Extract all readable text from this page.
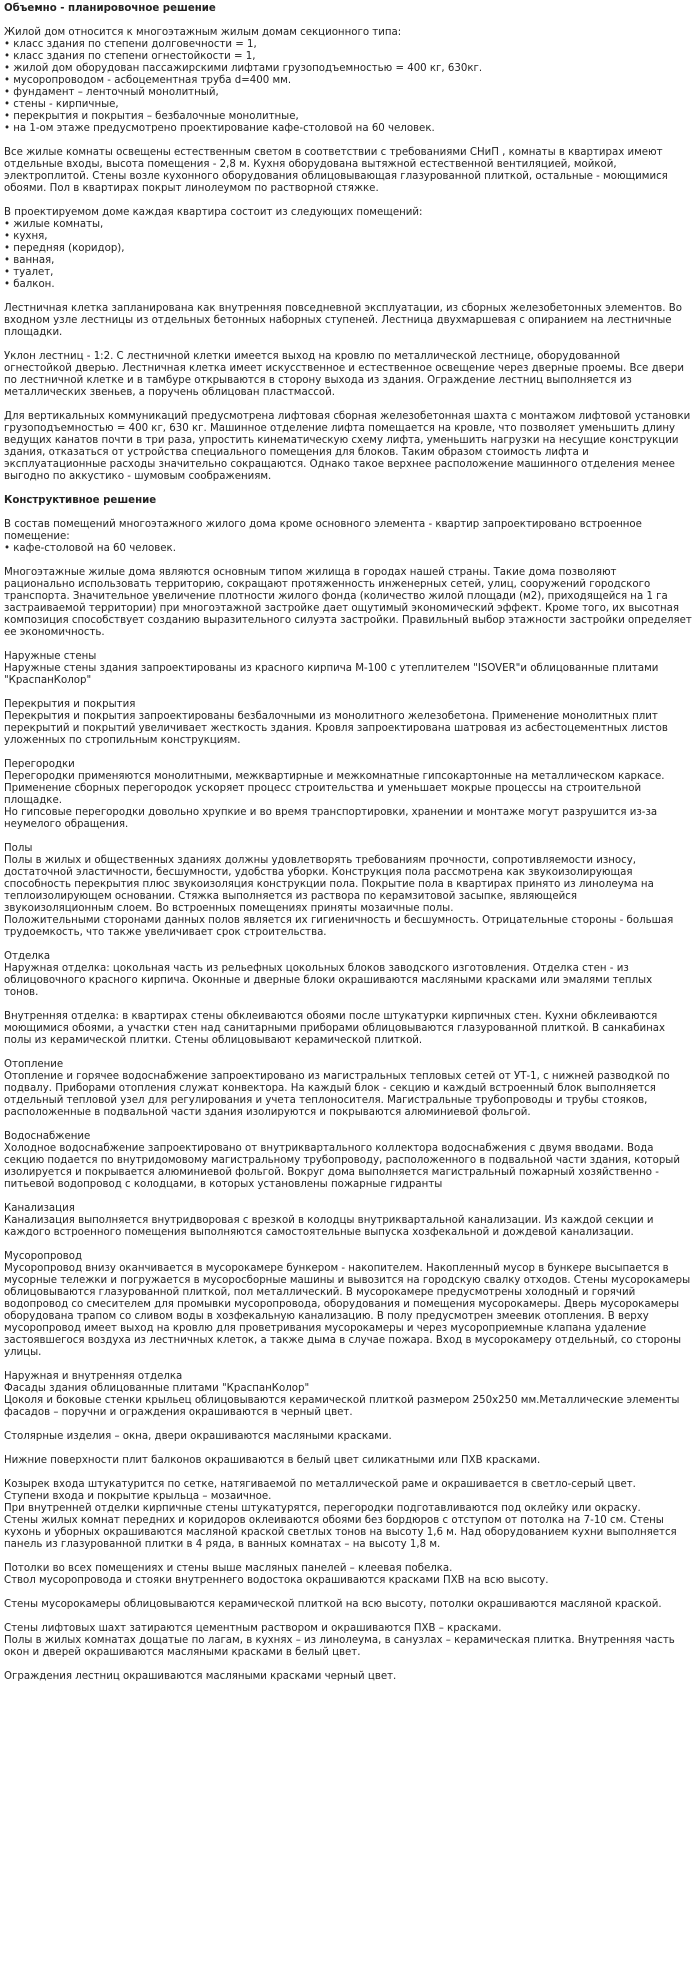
Объемно - планировочное решение
Жилой дом относится к многоэтажным жилым домам секционного типа:
• класс здания по степени долговечности = 1,
• класс здания по степени огнестойкости = 1,
• жилой дом оборудован пассажирскими лифтами грузоподъемностью = 400 кг, 630кг.
• мусоропроводом - асбоцементная труба d=400 мм.
• фундамент – ленточный монолитный,
• стены - кирпичные,
• перекрытия и покрытия – безбалочные монолитные,
• на 1-ом этаже предусмотрено проектирование кафе-столовой на 60 человек.
Все жилые комнаты освещены естественным светом в соответствии с требованиями СНиП , комнаты в квартирах имеют
отдельные входы, высота помещения - 2,8 м. Кухня оборудована вытяжной естественной вентиляцией, мойкой,
электроплитой. Стены возле кухонного оборудования облицовывающая глазурованной плиткой, остальные - моющимися
обоями. Пол в квартирах покрыт линолеумом по растворной стяжке.
В проектируемом доме каждая квартира состоит из следующих помещений:
• жилые комнаты,
• кухня,
• передняя (коридор),
• ванная,
• туалет,
• балкон.
Лестничная клетка запланирована как внутренняя повседневной эксплуатации, из сборных железобетонных элементов. Во
входном узле лестницы из отдельных бетонных наборных ступеней. Лестница двухмаршевая с опиранием на лестничные
площадки.
Уклон лестниц - 1:2. С лестничной клетки имеется выход на кровлю по металлической лестнице, оборудованной
огнестойкой дверью. Лестничная клетка имеет искусственное и естественное освещение через дверные проемы. Все двери
по лестничной клетке и в тамбуре открываются в сторону выхода из здания. Ограждение лестниц выполняется из
металлических звеньев, а поручень облицован пластмассой.
Для вертикальных коммуникаций предусмотрена лифтовая сборная железобетонная шахта с монтажом лифтовой установки
грузоподъемностью = 400 кг, 630 кг. Машинное отделение лифта помещается на кровле, что позволяет уменьшить длину
ведущих канатов почти в три раза, упростить кинематическую схему лифта, уменьшить нагрузки на несущие конструкции
здания, отказаться от устройства специального помещения для блоков. Таким образом стоимость лифта и
эксплуатационные расходы значительно сокращаются. Однако такое верхнее расположение машинного отделения менее
выгодно по аккустико - шумовым соображениям.
Конструктивное решение
В состав помещений многоэтажного жилого дома кроме основного элемента - квартир запроектировано встроенное
помещение:
• кафе-столовой на 60 человек.
Многоэтажные жилые дома являются основным типом жилища в городах нашей страны. Такие дома позволяют
рационально использовать территорию, сокращают протяженность инженерных сетей, улиц, сооружений городского
транспорта. Значительное увеличение плотности жилого фонда (количество жилой площади (м2), приходящейся на 1 га
застраиваемой территории) при многоэтажной застройке дает ощутимый экономический эффект. Кроме того, их высотная
композиция способствует созданию выразительного силуэта застройки. Правильный выбор этажности застройки определяет
ее экономичность.
Наружные стены
Наружные стены здания запроектированы из красного кирпича М-100 с утеплителем "ISOVER"и облицованные плитами
"КраспанКолор"
Перекрытия и покрытия
Перекрытия и покрытия запроектированы безбалочными из монолитного железобетона. Применение монолитных плит
перекрытий и покрытий увеличивает жесткость здания. Кровля запроектирована шатровая из асбестоцементных листов
уложенных по стропильным конструкциям.
Перегородки
Перегородки применяются монолитными, межквартирные и межкомнатные гипсокартонные на металлическом каркасе.
Применение сборных перегородок ускоряет процесс строительства и уменьшает мокрые процессы на строительной
площадке.
Но гипсовые перегородки довольно хрупкие и во время транспортировки, хранении и монтаже могут разрушится из-за
неумелого обращения.
Полы
Полы в жилых и общественных зданиях должны удовлетворять требованиям прочности, сопротивляемости износу,
достаточной эластичности, бесшумности, удобства уборки. Конструкция пола рассмотрена как звукоизолирующая
способность перекрытия плюс звукоизоляция конструкции пола. Покрытие пола в квартирах принято из линолеума на
теплоизолирующем основании. Стяжка выполняется из раствора по керамзитовой засыпке, являющейся
звукоизоляционным слоем. Во встроенных помещениях приняты мозаичные полы.
Положительными сторонами данных полов является их гигиеничность и бесшумность. Отрицательные стороны - большая
трудоемкость, что также увеличивает срок строительства.
Отделка
Наружная отделка: цокольная часть из рельефных цокольных блоков заводского изготовления. Отделка стен - из
облицовочного красного кирпича. Оконные и дверные блоки окрашиваются масляными красками или эмалями теплых
тонов.
Внутренняя отделка: в квартирах стены обклеиваются обоями после штукатурки кирпичных стен. Кухни обклеиваются
моющимися обоями, а участки стен над санитарными приборами облицовываются глазурованной плиткой. В санкабинах
полы из керамической плитки. Стены облицовывают керамической плиткой.
Отопление
Отопление и горячее водоснабжение запроектировано из магистральных тепловых сетей от УТ-1, с нижней разводкой по
подвалу. Приборами отопления служат конвектора. На каждый блок - секцию и каждый встроенный блок выполняется
отдельный тепловой узел для регулирования и учета теплоносителя. Магистральные трубопроводы и трубы стояков,
расположенные в подвальной части здания изолируются и покрываются алюминиевой фольгой.
Водоснабжение
Холодное водоснабжение запроектировано от внутриквартального коллектора водоснабжения с двумя вводами. Вода
секцию подается по внутридомовому магистральному трубопроводу, расположенного в подвальной части здания, который
изолируется и покрывается алюминиевой фольгой. Вокруг дома выполняется магистральный пожарный хозяйственно -
питьевой водопровод с колодцами, в которых установлены пожарные гидранты
Канализация
Канализация выполняется внутридворовая с врезкой в колодцы внутриквартальной канализации. Из каждой секции и
каждого встроенного помещения выполняются самостоятельные выпуска хозфекальной и дождевой канализации.
Мусоропровод
Мусоропровод внизу оканчивается в мусорокамере бункером - накопителем. Накопленный мусор в бункере высыпается в
мусорные тележки и погружается в мусоросборные машины и вывозится на городскую свалку отходов. Стены мусорокамеры
облицовываются глазурованной плиткой, пол металлический. В мусорокамере предусмотрены холодный и горячий
водопровод со смесителем для промывки мусоропровода, оборудования и помещения мусорокамеры. Дверь мусорокамеры
оборудована трапом со сливом воды в хозфекальную канализацию. В полу предусмотрен змеевик отопления. В верху
мусоропровод имеет выход на кровлю для проветривания мусорокамеры и через мусороприемные клапана удаление
застоявшегося воздуха из лестничных клеток, а также дыма в случае пожара. Вход в мусорокамеру отдельный, со стороны
улицы.
Наружная и внутренняя отделка
Фасады здания облицованные плитами "КраспанКолор"
Цоколя и боковые стенки крыльец облицовываются керамической плиткой размером 250х250 мм.Металлические элементы
фасадов – поручни и ограждения окрашиваются в черный цвет.
Столярные изделия – окна, двери окрашиваются масляными красками.
Нижние поверхности плит балконов окрашиваются в белый цвет силикатными или ПХВ красками.
Козырек входа штукатурится по сетке, натягиваемой по металлической раме и окрашивается в светло-серый цвет.
Ступени входа и покрытие крыльца – мозаичное.
При внутренней отделки кирпичные стены штукатурятся, перегородки подготавливаются под оклейку или окраску.
Стены жилых комнат передних и коридоров оклеиваются обоями без бордюров с отступом от потолка на 7-10 см. Стены
кухонь и уборных окрашиваются масляной краской светлых тонов на высоту 1,6 м. Над оборудованием кухни выполняется
панель из глазурованной плитки в 4 ряда, в ванных комнатах – на высоту 1,8 м.
Потолки во всех помещениях и стены выше масляных панелей – клеевая побелка.
Ствол мусоропровода и стояки внутреннего водостока окрашиваются красками ПХВ на всю высоту.
Стены мусорокамеры облицовываются керамической плиткой на всю высоту, потолки окрашиваются масляной краской.
Стены лифтовых шахт затираются цементным раствором и окрашиваются ПХВ – красками.
Полы в жилых комнатах дощатые по лагам, в кухнях – из линолеума, в санузлах – керамическая плитка. Внутренняя часть
окон и дверей окрашиваются масляными красками в белый цвет.
Ограждения лестниц окрашиваются масляными красками черный цвет.
